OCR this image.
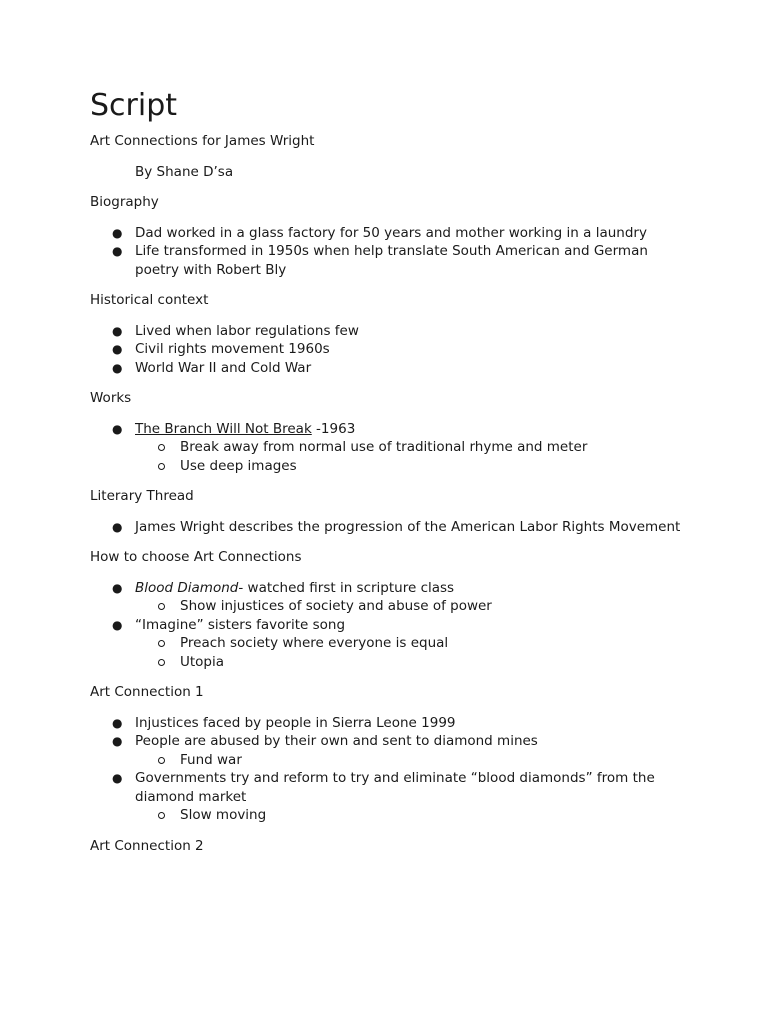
Script

Art Connections for James Wright

By Shane D’sa

Biography

● Dad worked in a glass factory for 50 years and mother working in a laundry
● Life transformed in 1950s when help translate South American and German poetry with Robert Bly

Historical context

● Lived when labor regulations few
● Civil rights movement 1960s
● World War II and Cold War

Works

● The Branch Will Not Break -1963
Break away from normal use of traditional rhyme and meter
Use deep images

Literary Thread

● James Wright describes the progression of the American Labor Rights Movement

How to choose Art Connections

● Blood Diamond- watched first in scripture class
Show injustices of society and abuse of power
● “Imagine” sisters favorite song
Preach society where everyone is equal
Utopia

Art Connection 1

● Injustices faced by people in Sierra Leone 1999
● People are abused by their own and sent to diamond mines
Fund war
● Governments try and reform to try and eliminate “blood diamonds” from the diamond market
Slow moving

Art Connection 2
